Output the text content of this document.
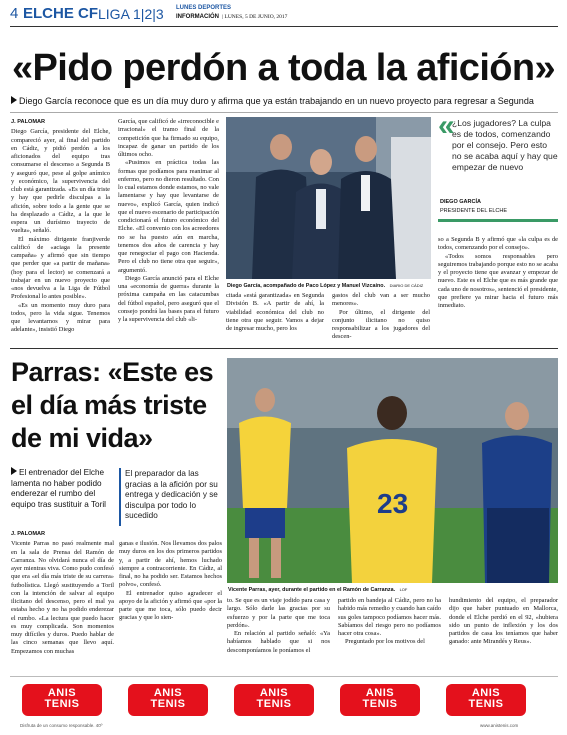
4 ELCHE CF LIGA 1|2|3 LUNES DEPORTES
INFORMACIÓN | LUNES, 5 DE JUNIO, 2017
«Pido perdón a toda la afición»
Diego García reconoce que es un día muy duro y afirma que ya están trabajando en un nuevo proyecto para regresar a Segunda
J. PALOMAR

Diego García, presidente del Elche, compareció ayer, al final del partido en Cádiz, y pidió perdón a los aficionados del equipo tras consumarse el descenso a Segunda B y aseguró que, pese al golpe anímico y económico, la supervivencia del club está garantizada. «Es un día triste y hay que pedirle disculpas a la afición, sobre todo a la gente que se ha desplazado a Cádiz, a la que le espera un durísimo trayecto de vuelta», señaló.

El máximo dirigente franjiverde calificó de «aciaga la presente campaña» y afirmó que sin tiempo que perder que «a partir de mañana» (hoy para el lector) se comenzará a trabajar en un nuevo proyecto que «nos devuelva a la Liga de Fútbol Profesional lo antes posible».

«Es un momento muy duro para todos, pero la vida sigue. Tenemos que levantarnos y mirar para adelante», insistió Diego

García, que calificó de «irreconocible e irracional» el tramo final de la competición que ha firmado su equipo, incapaz de ganar un partido de los últimos ocho.

«Pusimos en práctica todas las formas que podíamos para reanimar al enfermo, pero no dieron resultado. Con lo cual estamos donde estamos, no vale lamentarse y hay que levantarse de nuevo», explicó García, quien indicó que el nuevo escenario de participación condicionará el futuro económico del Elche. «El convenio con los acreedores no se ha puesto aún en marcha, tenemos dos años de carencia y hay que renegociar el pago con Hacienda. Pero el club no tiene otra que seguir», argumentó.

Diego García anunció para el Elche una «economía de guerra» durante la próxima campaña en las catacumbas del fútbol español, pero aseguró que el consejo pondrá las bases para el futuro y la supervivencia del club «li-

Diego García, acompañado de Paco López y Manuel Vizcaíno. DIARIO DE CÁDIZ

citada «está garantizada» en Segunda División B. «A partir de ahí, la viabilidad económica del club no tiene otra que seguir. Vamos a dejar de ingresar mucho, pero los

gastos del club van a ser mucho menores».

Por último, el dirigente del conjunto ilicitano no quiso responsabilizar a los jugadores del descen-

«
¿Los jugadores? La culpa es de todos, comenzando por el consejo. Pero esto no se acaba aquí y hay que empezar de nuevo
DIEGO GARCÍA
PRESIDENTE DEL ELCHE

so a Segunda B y afirmó que «la culpa es de todos, comenzando por el consejo».

«Todos somos responsables pero seguiremos trabajando porque esto no se acaba y el proyecto tiene que avanzar y empezar de nuevo. Este es el Elche que es más grande que cada uno de nosotros», sentenció el presidente, que prefiere ya mirar hacia el futuro más inmediato.

Parras: «Este es el día más triste de mi vida»
El entrenador del Elche lamenta no haber podido enderezar el rumbo del equipo tras sustituir a Toril
El preparador da las gracias a la afición por su entrega y dedicación y se disculpa por todo lo sucedido	23
Vicente Parras, ayer, durante el partido en el Ramón de Carranza. LOF
J. PALOMAR

Vicente Parras no pasó realmente mal en la sala de Prensa del Ramón de Carranza. No olvidará nunca el día de ayer mientras viva. Como pudo confesó que era «el día más triste de su carrera» futbolística. Llegó sustituyendo a Toril con la intención de salvar al equipo ilicitano del descenso, pero el mal ya estaba hecho y no ha podido enderezar el rumbo. «La lectura que puedo hacer es muy complicada. Son momentos muy difíciles y duros. Puedo hablar de las cinco semanas que llevo aquí. Empezamos con muchas

ganas e ilusión. Nos llevamos dos palos muy duros en los dos primeros partidos y, a partir de ahí, hemos luchado siempre a contracorriente. En Cádiz, al final, no ha podido ser. Estamos hechos polvo», confesó.

El entrenador quiso agradecer el apoyo de la afición y afirmó que «por la parte que me toca, sólo puedo decir gracias y que lo sien-

to. Se que es un viaje jodido para casa y largo. Sólo darle las gracias por su esfuerzo y por la parte que me toca perdón».

En relación al partido señaló: «Ya habíamos hablado que si nos descomponíamos le poníamos el

partido en bandeja al Cádiz, pero no ha habido más remedio y cuando han caído sus goles tampoco podíamos hacer más. Sabíamos del riesgo pero no podíamos hacer otra cosa».

Preguntado por los motivos del

hundimiento del equipo, el preparador dijo que haber puntuado en Mallorca, donde el Elche perdió en el 92, «hubiera sido un punto de inflexión y los dos partidos de casa los teníamos que haber ganado: ante Mirandés y Reus».

ANIS
TENIS
ANIS
TENIS
ANIS
TENIS
ANIS
TENIS
ANIS
TENIS
Disfruta de un consumo responsable. 40º	www.anistenis.com
